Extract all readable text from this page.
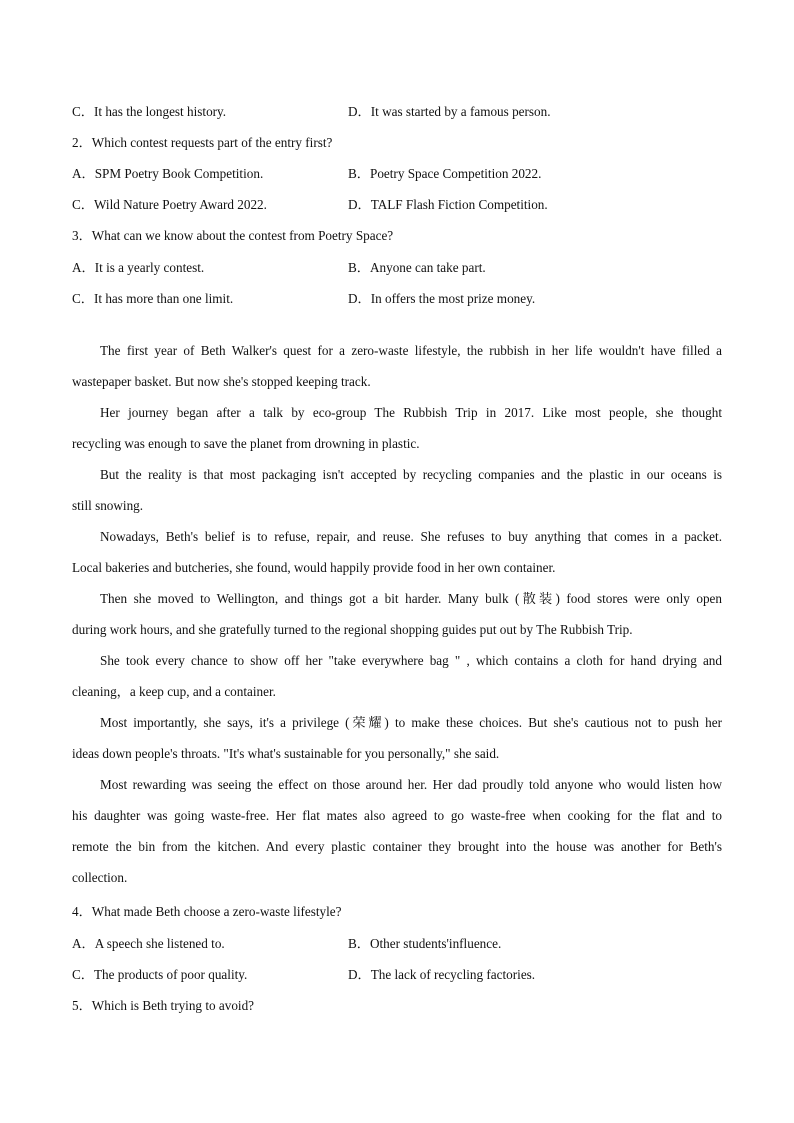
C．It has the longest history.	D．It was started by a famous person.
2．Which contest requests part of the entry first?
A．SPM Poetry Book Competition.	B．Poetry Space Competition 2022.
C．Wild Nature Poetry Award 2022.	D．TALF Flash Fiction Competition.
3．What can we know about the contest from Poetry Space?
A．It is a yearly contest.	B．Anyone can take part.
C．It has more than one limit.	D．In offers the most prize money.
The first year of Beth Walker's quest for a zero-waste lifestyle, the rubbish in her life wouldn't have filled a
wastepaper basket. But now she's stopped keeping track.
Her journey began after a talk by eco-group The Rubbish Trip in 2017. Like most people, she thought
recycling was enough to save the planet from drowning in plastic.
But the reality is that most packaging isn't accepted by recycling companies and the plastic in our oceans is
still snowing.
Nowadays, Beth's belief is to refuse, repair, and reuse. She refuses to buy anything that comes in a packet.
Local bakeries and butcheries, she found, would happily provide food in her own container.
Then she moved to Wellington, and things got a bit harder. Many bulk (散装) food stores were only open
during work hours, and she gratefully turned to the regional shopping guides put out by The Rubbish Trip.
She took every chance to show off her "take everywhere bag " , which contains a cloth for hand drying and
cleaning，a keep cup, and a container.
Most importantly, she says, it's a privilege (荣耀) to make these choices. But she's cautious not to push her
ideas down people's throats. "It's what's sustainable for you personally," she said.
Most rewarding was seeing the effect on those around her. Her dad proudly told anyone who would listen how
his daughter was going waste-free. Her flat mates also agreed to go waste-free when cooking for the flat and to
remote the bin from the kitchen. And every plastic container they brought into the house was another for Beth's
collection.
4．What made Beth choose a zero-waste lifestyle?
A．A speech she listened to.	B．Other students'influence.
C．The products of poor quality.	D．The lack of recycling factories.
5．Which is Beth trying to avoid?
